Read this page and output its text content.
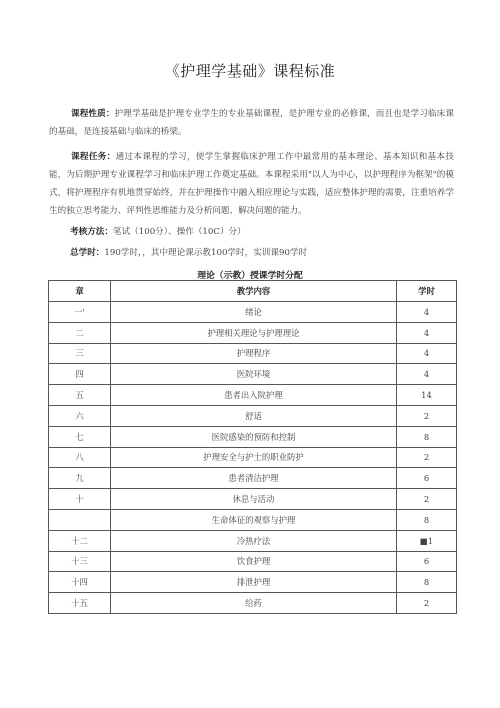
《护理学基础》课程标准
课程性质：护理学基础是护理专业学生的专业基础课程，是护理专业的必修课，而且也是学习临床课的基础，是连接基础与临床的桥梁。
课程任务：通过本课程的学习，使学生掌握临床护理工作中最常用的基本理论、基本知识和基本技能，为后期护理专业课程学习和临床护理工作奠定基础。本课程采用"以人为中心，以护理程序为框架"的模式，将护理程序有机地贯穿始终，并在护理操作中融入相应理论与实践，适应整体护理的需要，注重培养学生的独立思考能力、评判性思维能力及分析问题、解决问题的能力。
考核方法：笔试（100分）、操作（10C）分）
总学时：190学时，，其中理论课示教100学时，实训课90学时
理论（示教）授课学时分配
章	教学内容	学时
一'	绪论	4
二	护理相关理论与护理理论	4
三	护理程序	4
四	医院环境	4
五	患者出入院护理	14
六	舒适	2
七	医院感染的预防和控制	8
八	护理安全与护士的职业防护	2
九	患者清洁护理	6
十	休息与活动	2
	生命体征的观察与护理	8
十二	冷热疗法	■1
十三	饮食护理	6
十四	排泄护理	8
十五	给药	2
